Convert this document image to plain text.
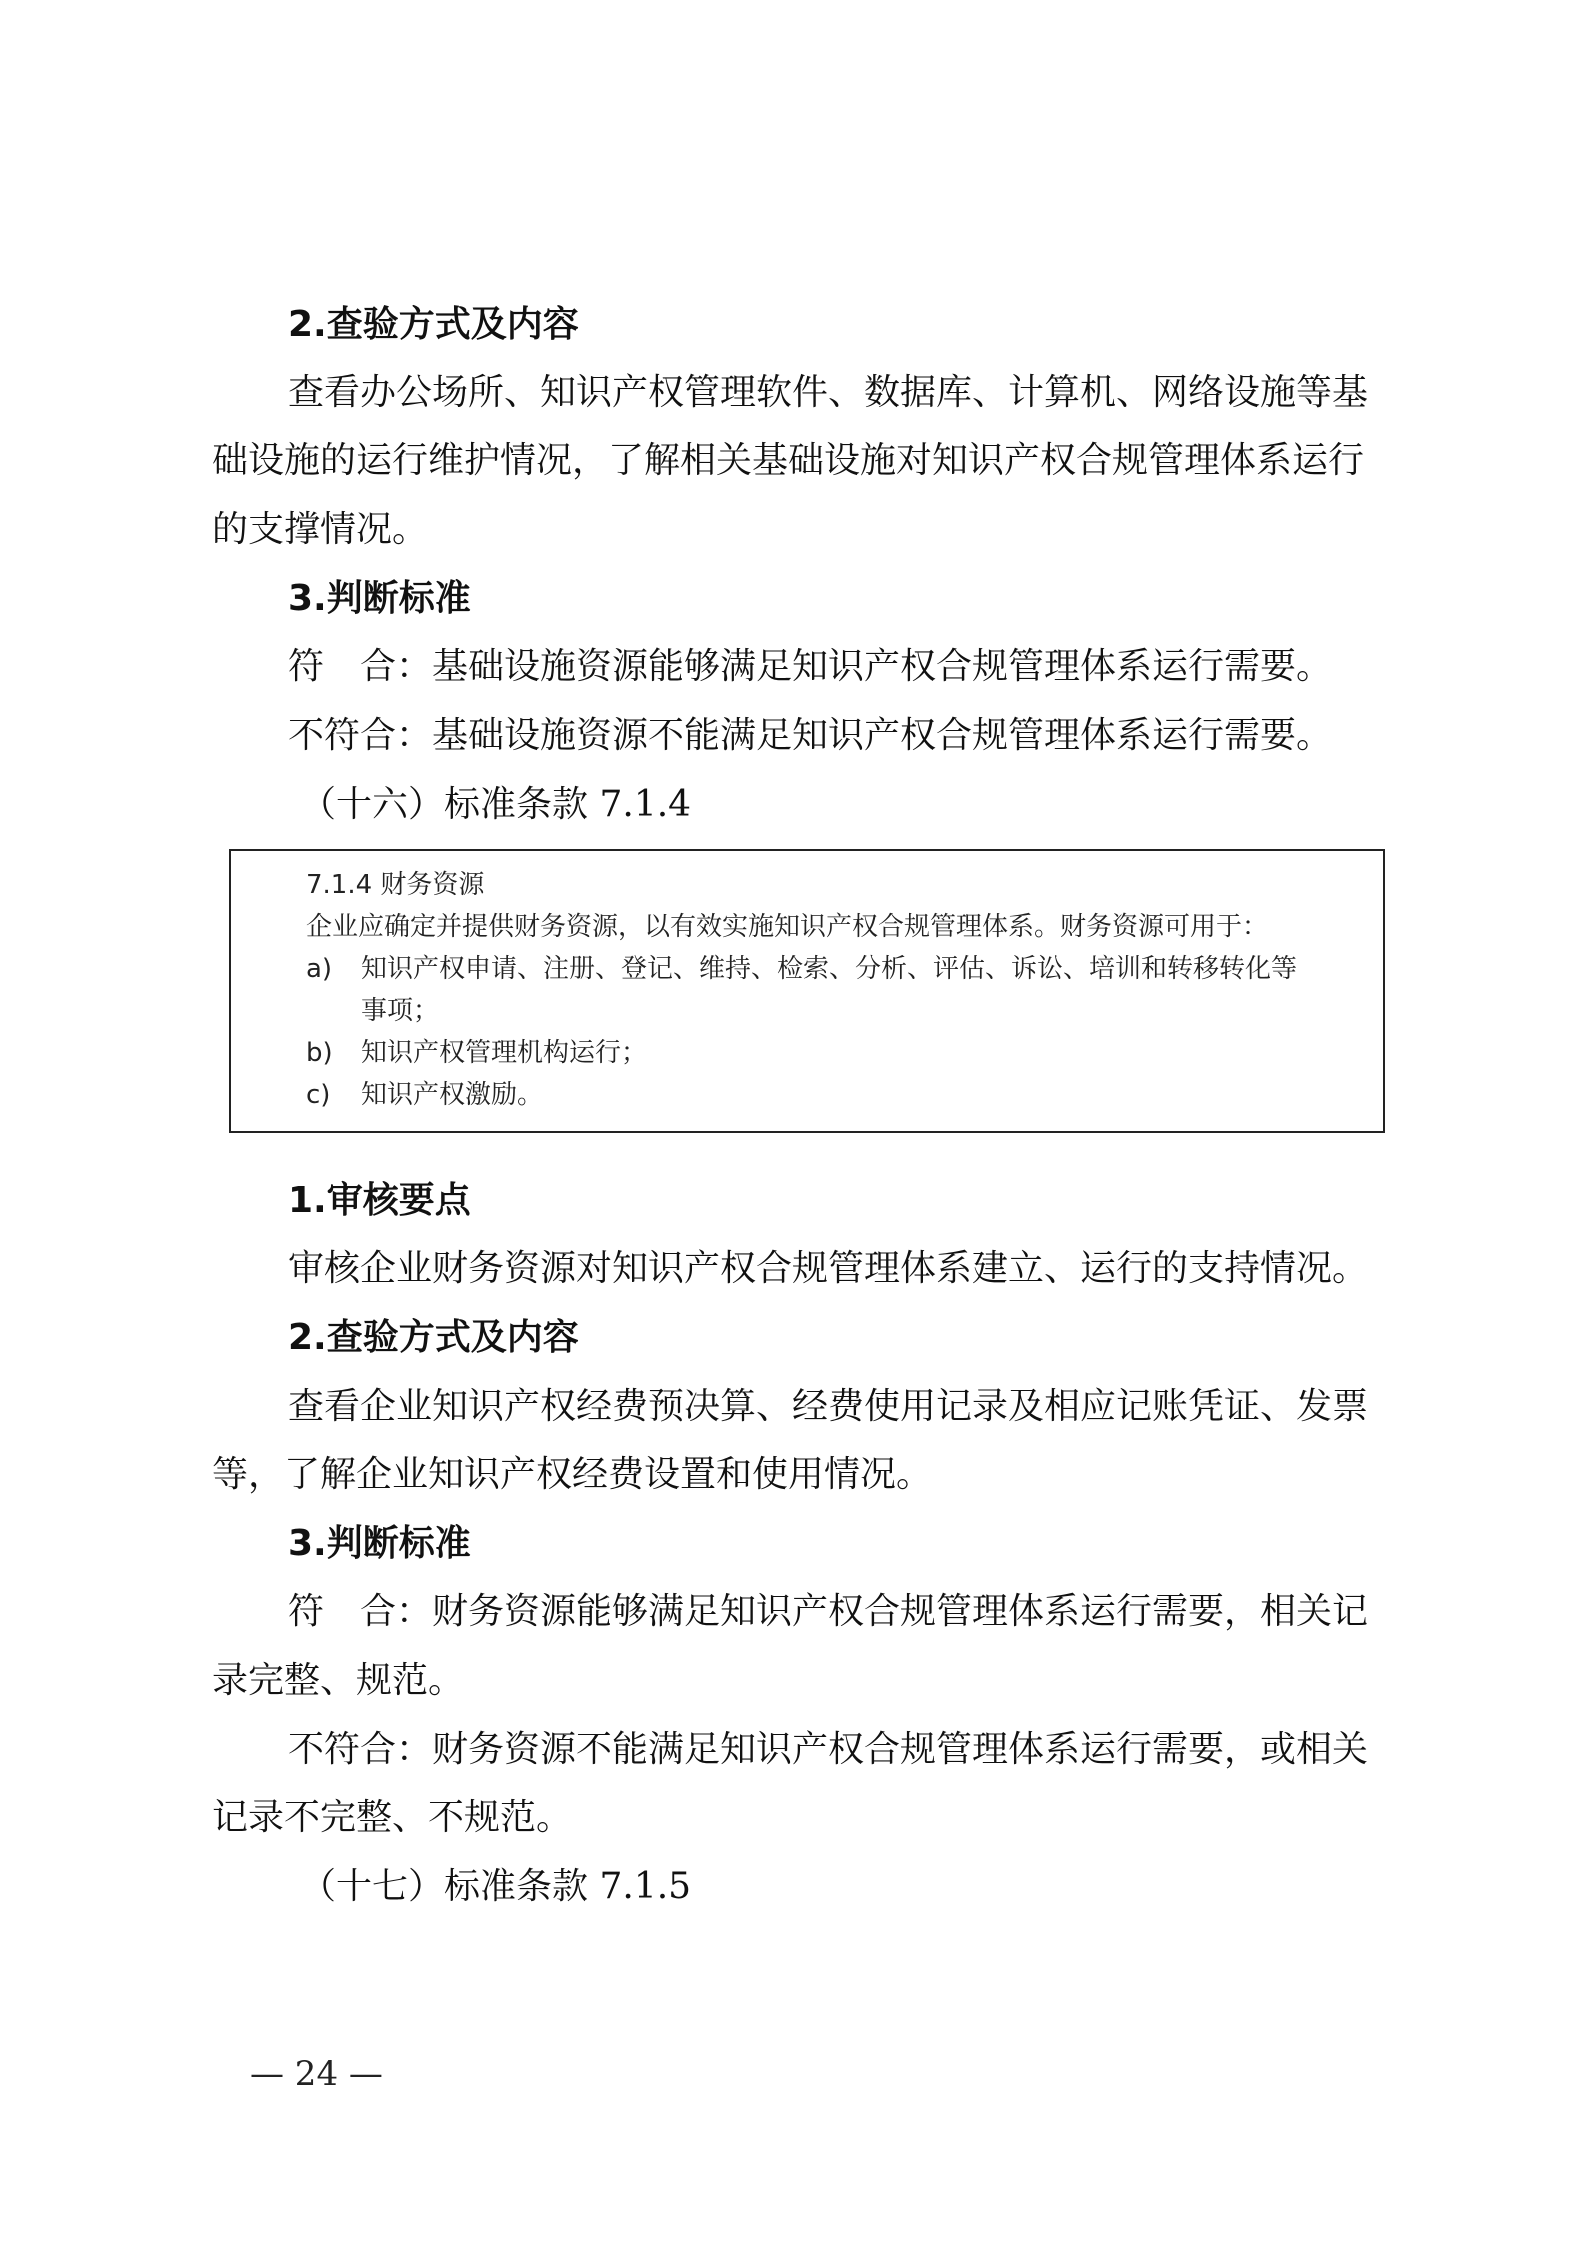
2.查验方式及内容
查看办公场所、知识产权管理软件、数据库、计算机、网络设施等基
础设施的运行维护情况，了解相关基础设施对知识产权合规管理体系运行
的支撑情况。
3.判断标准
符　合：基础设施资源能够满足知识产权合规管理体系运行需要。
不符合：基础设施资源不能满足知识产权合规管理体系运行需要。
（十六）标准条款 7.1.4
7.1.4 财务资源
企业应确定并提供财务资源，以有效实施知识产权合规管理体系。财务资源可用于：
a)	知识产权申请、注册、登记、维持、检索、分析、评估、诉讼、培训和转移转化等
事项；
b)	知识产权管理机构运行；
c)	知识产权激励。
1.审核要点
审核企业财务资源对知识产权合规管理体系建立、运行的支持情况。
2.查验方式及内容
查看企业知识产权经费预决算、经费使用记录及相应记账凭证、发票
等，了解企业知识产权经费设置和使用情况。
3.判断标准
符　合：财务资源能够满足知识产权合规管理体系运行需要，相关记
录完整、规范。
不符合：财务资源不能满足知识产权合规管理体系运行需要，或相关
记录不完整、不规范。
（十七）标准条款 7.1.5
— 24 —
